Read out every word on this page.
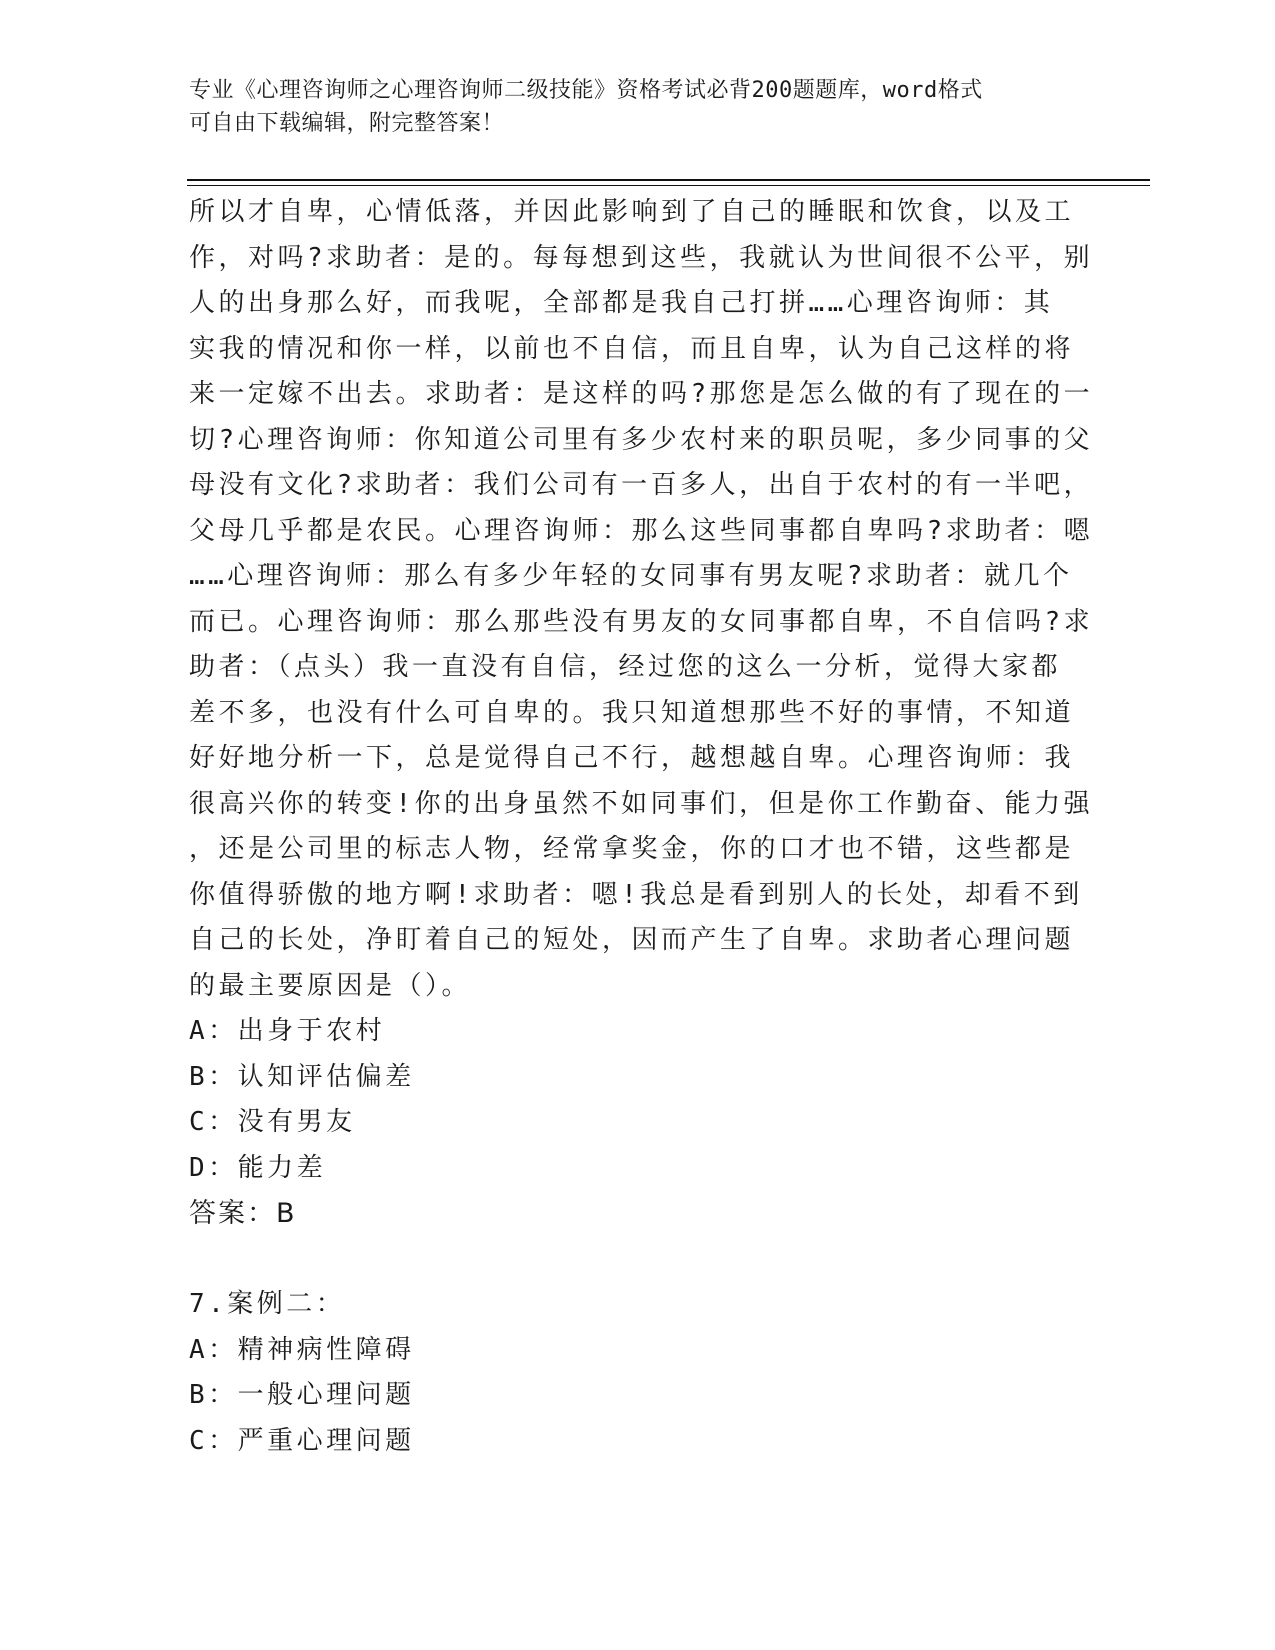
专业《心理咨询师之心理咨询师二级技能》资格考试必背200题题库，word格式
可自由下载编辑，附完整答案！
所以才自卑，心情低落，并因此影响到了自己的睡眠和饮食，以及工
作，对吗?求助者：是的。每每想到这些，我就认为世间很不公平，别
人的出身那么好，而我呢，全部都是我自己打拼……心理咨询师：其
实我的情况和你一样，以前也不自信，而且自卑，认为自己这样的将
来一定嫁不出去。求助者：是这样的吗?那您是怎么做的有了现在的一
切?心理咨询师：你知道公司里有多少农村来的职员呢，多少同事的父
母没有文化?求助者：我们公司有一百多人，出自于农村的有一半吧，
父母几乎都是农民。心理咨询师：那么这些同事都自卑吗?求助者：嗯
……心理咨询师：那么有多少年轻的女同事有男友呢?求助者：就几个
而已。心理咨询师：那么那些没有男友的女同事都自卑，不自信吗?求
助者：（点头）我一直没有自信，经过您的这么一分析，觉得大家都
差不多，也没有什么可自卑的。我只知道想那些不好的事情，不知道
好好地分析一下，总是觉得自己不行，越想越自卑。心理咨询师：我
很高兴你的转变!你的出身虽然不如同事们，但是你工作勤奋、能力强
，还是公司里的标志人物，经常拿奖金，你的口才也不错，这些都是
你值得骄傲的地方啊!求助者：嗯!我总是看到别人的长处，却看不到
自己的长处，净盯着自己的短处，因而产生了自卑。求助者心理问题
的最主要原因是（）。
A：出身于农村
B：认知评估偏差
C：没有男友
D：能力差
答案：B
7.案例二：
A：精神病性障碍
B：一般心理问题
C：严重心理问题
